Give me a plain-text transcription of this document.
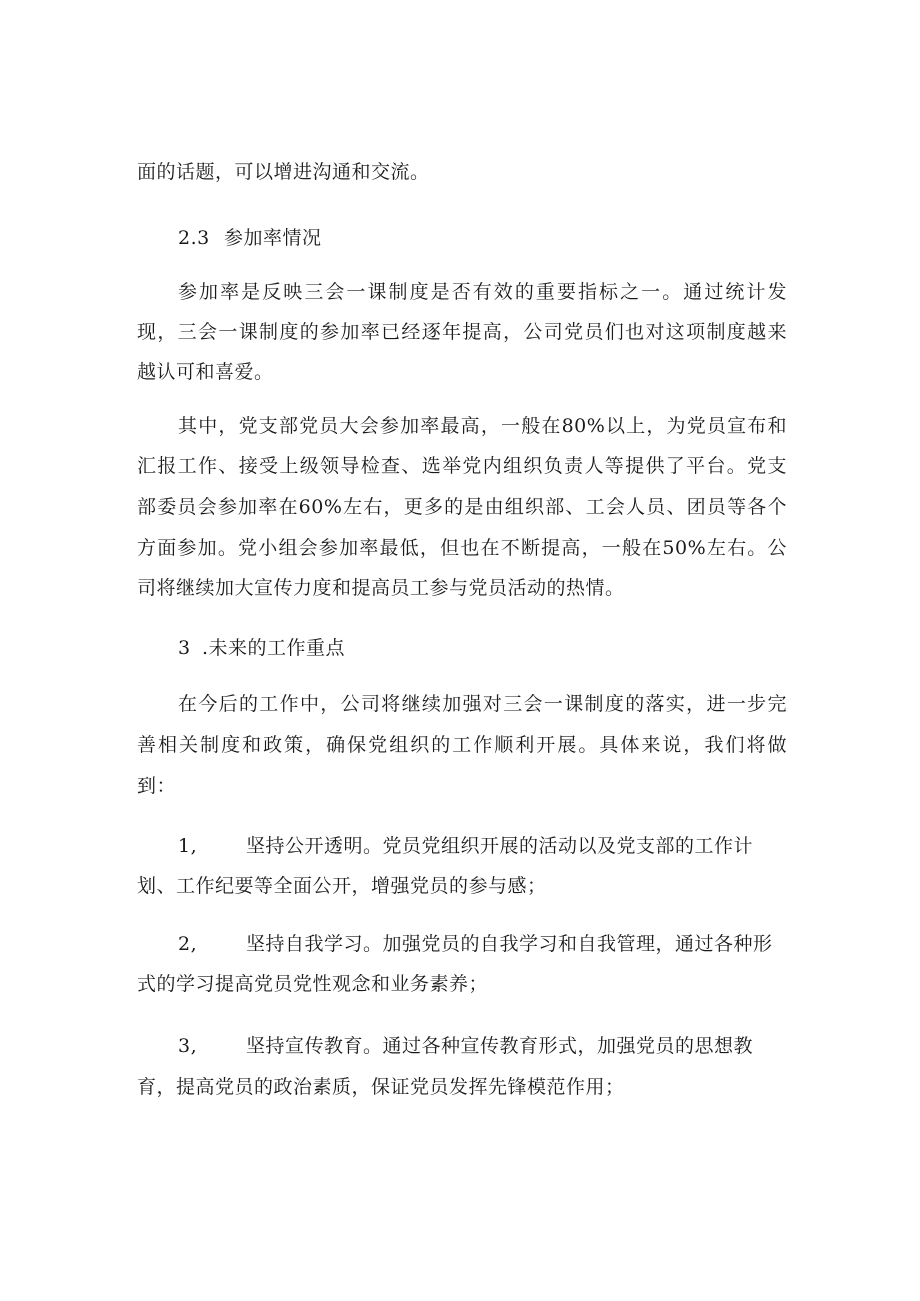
面的话题，可以增进沟通和交流。
2.3 参加率情况
参加率是反映三会一课制度是否有效的重要指标之一。通过统计发
现，三会一课制度的参加率已经逐年提高，公司党员们也对这项制度越来
越认可和喜爱。
其中，党支部党员大会参加率最高，一般在80%以上，为党员宣布和
汇报工作、接受上级领导检查、选举党内组织负责人等提供了平台。党支
部委员会参加率在60%左右，更多的是由组织部、工会人员、团员等各个
方面参加。党小组会参加率最低，但也在不断提高，一般在50%左右。公
司将继续加大宣传力度和提高员工参与党员活动的热情。
3 .未来的工作重点
在今后的工作中，公司将继续加强对三会一课制度的落实，进一步完
善相关制度和政策，确保党组织的工作顺利开展。具体来说，我们将做
到：
1,	坚持公开透明。党员党组织开展的活动以及党支部的工作计
划、工作纪要等全面公开，增强党员的参与感；
2,	坚持自我学习。加强党员的自我学习和自我管理，通过各种形
式的学习提高党员党性观念和业务素养；
3,	坚持宣传教育。通过各种宣传教育形式，加强党员的思想教
育，提高党员的政治素质，保证党员发挥先锋模范作用；
